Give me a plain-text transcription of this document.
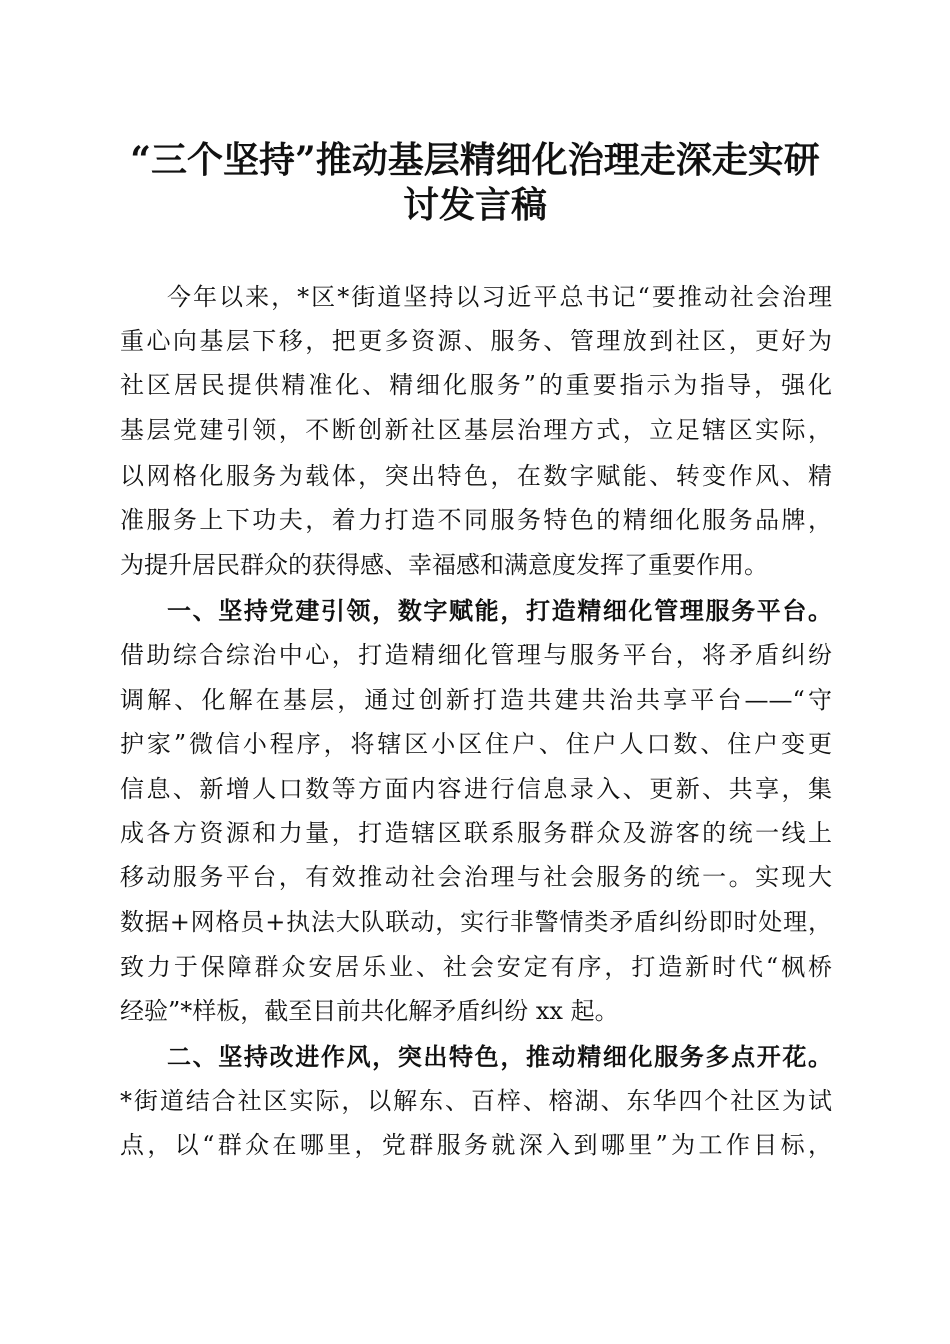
“三个坚持”推动基层精细化治理走深走实研
讨发言稿
今年以来，*区*街道坚持以习近平总书记“要推动社会治理
重心向基层下移，把更多资源、服务、管理放到社区，更好为
社区居民提供精准化、精细化服务”的重要指示为指导，强化
基层党建引领，不断创新社区基层治理方式，立足辖区实际，
以网格化服务为载体，突出特色，在数字赋能、转变作风、精
准服务上下功夫，着力打造不同服务特色的精细化服务品牌，
为提升居民群众的获得感、幸福感和满意度发挥了重要作用。
一、坚持党建引领，数字赋能，打造精细化管理服务平台。
借助综合综治中心，打造精细化管理与服务平台，将矛盾纠纷
调解、化解在基层，通过创新打造共建共治共享平台——“守
护家”微信小程序，将辖区小区住户、住户人口数、住户变更
信息、新增人口数等方面内容进行信息录入、更新、共享，集
成各方资源和力量，打造辖区联系服务群众及游客的统一线上
移动服务平台，有效推动社会治理与社会服务的统一。实现大
数据+网格员+执法大队联动，实行非警情类矛盾纠纷即时处理，
致力于保障群众安居乐业、社会安定有序，打造新时代“枫桥
经验”*样板，截至目前共化解矛盾纠纷 xx 起。
二、坚持改进作风，突出特色，推动精细化服务多点开花。
*街道结合社区实际，以解东、百梓、榕湖、东华四个社区为试
点，以“群众在哪里，党群服务就深入到哪里”为工作目标，
